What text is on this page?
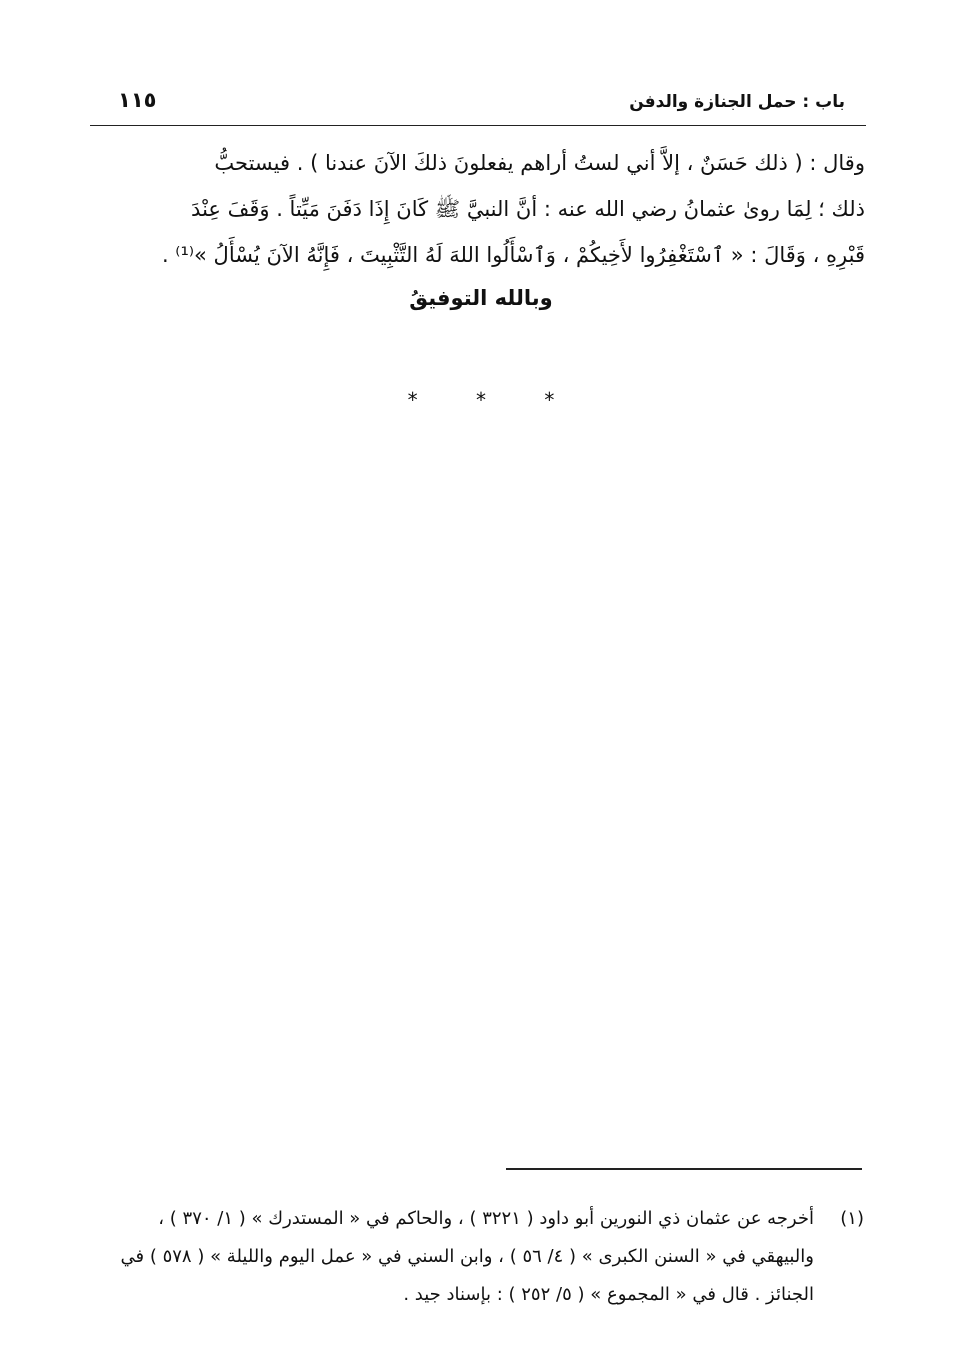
باب : حمل الجنازة والدفن
١١٥
وقال : ( ذلك حَسَنٌ ، إلاَّ أني لستُ أراهم يفعلونَ ذلكَ الآنَ عندنا ) . فيستحبُّ
ذلك ؛ لِمَا روىٰ عثمانُ رضي الله عنه : أنَّ النبيَّ ﷺ كَانَ إِذَا دَفَنَ مَيِّتاً . وَقَفَ عِنْدَ
قَبْرِهِ ، وَقَالَ : « ٱسْتَغْفِرُوا لأَخِيكُمْ ، وَٱسْأَلُوا اللهَ لَهُ التَّثْبِيتَ ، فَإِنَّهُ الآنَ يُسْأَلُ »⁽¹⁾ .
وبالله التوفيقُ
* * *
(١)
أخرجه عن عثمان ذي النورين أبو داود ( ٣٢٢١ ) ، والحاكم في « المستدرك » ( ١/ ٣٧٠ ) ،
والبيهقي في « السنن الكبرى » ( ٤/ ٥٦ ) ، وابن السني في « عمل اليوم والليلة » ( ٥٧٨ ) في
الجنائز . قال في « المجموع » ( ٥/ ٢٥٢ ) : بإسناد جيد .
